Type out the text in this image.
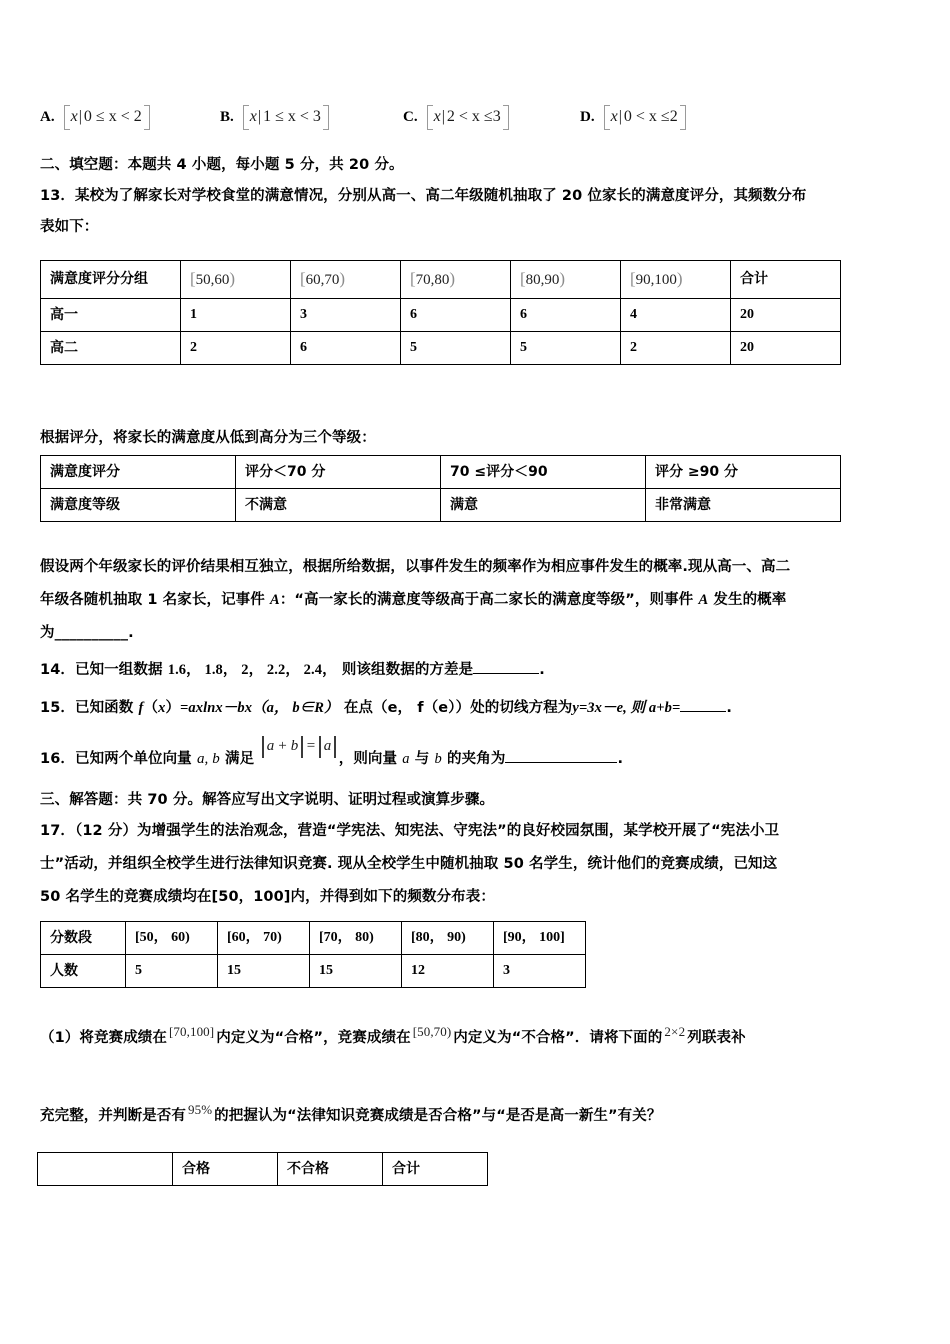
A. x | 0 ≤ x < 2	B. x | 1 ≤ x < 3	C. x | 2 < x ≤3	D. x | 0 < x ≤2
二、填空题：本题共 4 小题，每小题 5 分，共 20 分。
13．某校为了解家长对学校食堂的满意情况，分别从高一、高二年级随机抽取了 20 位家长的满意度评分，其频数分布
表如下：
满意度评分分组	[50,60)	[60,70)	[70,80)	[80,90)	[90,100)	合计
高一	1	3	6	6	4	20
高二	2	6	5	5	2	20
根据评分，将家长的满意度从低到高分为三个等级：
满意度评分	评分＜70 分	70 ≤评分＜90	评分 ≥90 分
满意度等级	不满意	满意	非常满意
假设两个年级家长的评价结果相互独立，根据所给数据，以事件发生的频率作为相应事件发生的概率.现从高一、高二
年级各随机抽取 1 名家长，记事件 A：“高一家长的满意度等级高于高二家长的满意度等级”，则事件 A 发生的概率
为__________.
14．已知一组数据 1.6， 1.8， 2， 2.2， 2.4， 则该组数据的方差是	.
15．已知函数 f（x）=axlnx－bx（a， b∈R） 在点（e， f（e））处的切线方程为y=3x－e, 则 a+b=	.
16．已知两个单位向量 a, b 满足
a + b = a
，则向量 a 与 b 的夹角为	.
三、解答题：共 70 分。解答应写出文字说明、证明过程或演算步骤。
17．（12 分）为增强学生的法治观念，营造“学宪法、知宪法、守宪法”的良好校园氛围，某学校开展了“宪法小卫
士”活动，并组织全校学生进行法律知识竞赛. 现从全校学生中随机抽取 50 名学生，统计他们的竞赛成绩，已知这
50 名学生的竞赛成绩均在[50，100]内，并得到如下的频数分布表：
分数段	[50， 60)	[60， 70)	[70， 80)	[80， 90)	[90， 100]
人数	5	15	15	12	3
（1）将竞赛成绩在 [70,100] 内定义为“合格”，竞赛成绩在 [50,70) 内定义为“不合格”．请将下面的 2×2 列联表补
充完整，并判断是否有 95% 的把握认为“法律知识竞赛成绩是否合格”与“是否是高一新生”有关？
	合格	不合格	合计
